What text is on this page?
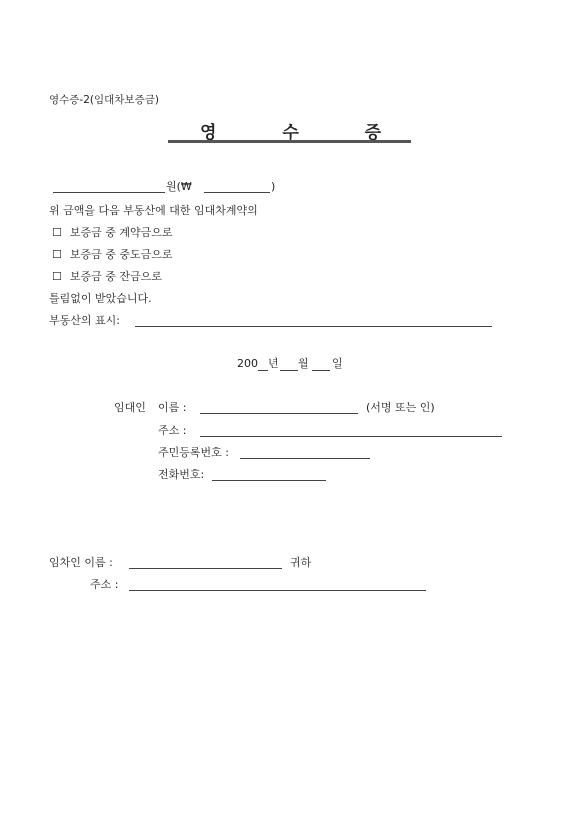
영수증-2(임대차보증금)
영 수 증
원(₩	)
위 금액을 다음 부동산에 대한 임대차계약의
☐ 보증금 중 계약금으로
☐ 보증금 중 중도금으로
☐ 보증금 중 잔금으로
틀림없이 받았습니다.
부동산의 표시:
200 년 월 일
임대인 이름 :	(서명 또는 인)
주소 :
주민등록번호 :
전화번호:
임차인 이름 :	귀하
주소 :
